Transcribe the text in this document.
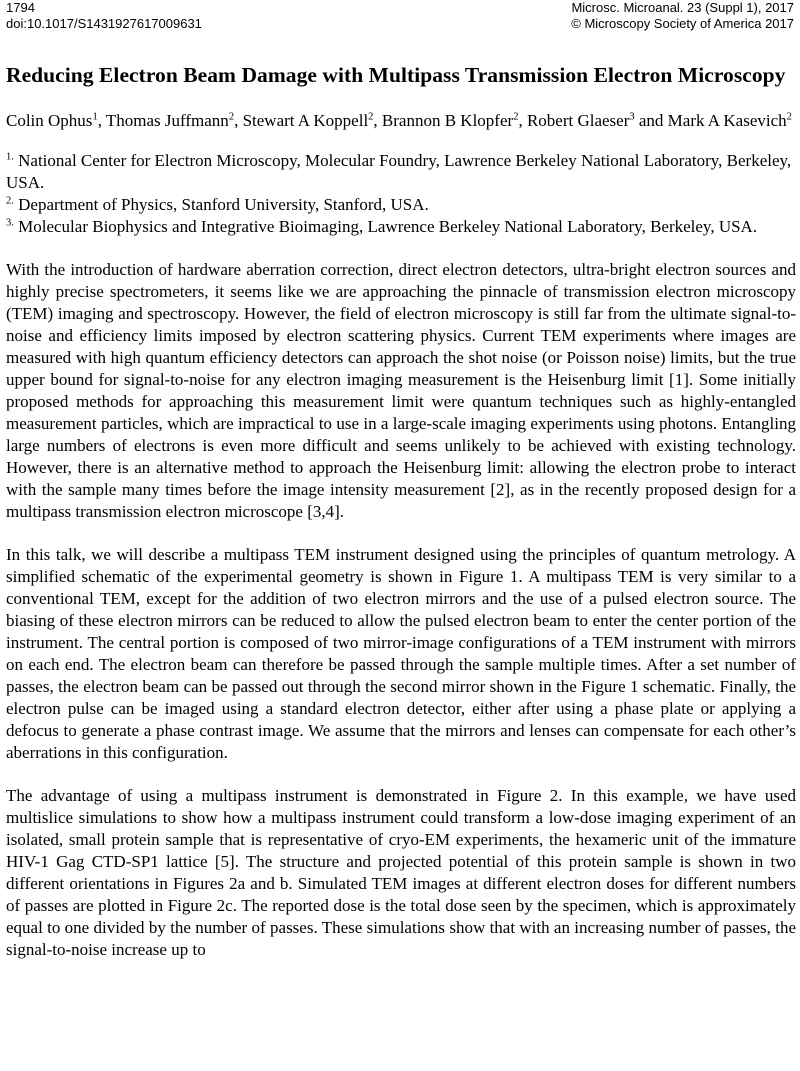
1794
doi:10.1017/S1431927617009631
Microsc. Microanal. 23 (Suppl 1), 2017
© Microscopy Society of America 2017
Reducing Electron Beam Damage with Multipass Transmission Electron Microscopy

Colin Ophus$^1$, Thomas Juffmann$^2$, Stewart A Koppell$^2$, Brannon B Klopfer$^2$, Robert Glaeser$^3$ and Mark A Kasevich$^2$

$^{1.}$ National Center for Electron Microscopy, Molecular Foundry, Lawrence Berkeley National Laboratory, Berkeley, USA.

$^{2.}$ Department of Physics, Stanford University, Stanford, USA.

$^{3.}$ Molecular Biophysics and Integrative Bioimaging, Lawrence Berkeley National Laboratory, Berkeley, USA.

With the introduction of hardware aberration correction, direct electron detectors, ultra-bright electron sources and highly precise spectrometers, it seems like we are approaching the pinnacle of transmission electron microscopy (TEM) imaging and spectroscopy. However, the field of electron microscopy is still far from the ultimate signal-to-noise and efficiency limits imposed by electron scattering physics. Current TEM experiments where images are measured with high quantum efficiency detectors can approach the shot noise (or Poisson noise) limits, but the true upper bound for signal-to-noise for any electron imaging measurement is the Heisenburg limit [1]. Some initially proposed methods for approaching this measurement limit were quantum techniques such as highly-entangled measurement particles, which are impractical to use in a large-scale imaging experiments using photons. Entangling large numbers of electrons is even more difficult and seems unlikely to be achieved with existing technology. However, there is an alternative method to approach the Heisenburg limit: allowing the electron probe to interact with the sample many times before the image intensity measurement [2], as in the recently proposed design for a multipass transmission electron microscope [3,4].

In this talk, we will describe a multipass TEM instrument designed using the principles of quantum metrology. A simplified schematic of the experimental geometry is shown in Figure 1. A multipass TEM is very similar to a conventional TEM, except for the addition of two electron mirrors and the use of a pulsed electron source. The biasing of these electron mirrors can be reduced to allow the pulsed electron beam to enter the center portion of the instrument. The central portion is composed of two mirror-image configurations of a TEM instrument with mirrors on each end. The electron beam can therefore be passed through the sample multiple times. After a set number of passes, the electron beam can be passed out through the second mirror shown in the Figure 1 schematic. Finally, the electron pulse can be imaged using a standard electron detector, either after using a phase plate or applying a defocus to generate a phase contrast image. We assume that the mirrors and lenses can compensate for each other’s aberrations in this configuration.

The advantage of using a multipass instrument is demonstrated in Figure 2. In this example, we have used multislice simulations to show how a multipass instrument could transform a low-dose imaging experiment of an isolated, small protein sample that is representative of cryo-EM experiments, the hexameric unit of the immature HIV-1 Gag CTD-SP1 lattice [5]. The structure and projected potential of this protein sample is shown in two different orientations in Figures 2a and b. Simulated TEM images at different electron doses for different numbers of passes are plotted in Figure 2c. The reported dose is the total dose seen by the specimen, which is approximately equal to one divided by the number of passes. These simulations show that with an increasing number of passes, the signal-to-noise increase up to
